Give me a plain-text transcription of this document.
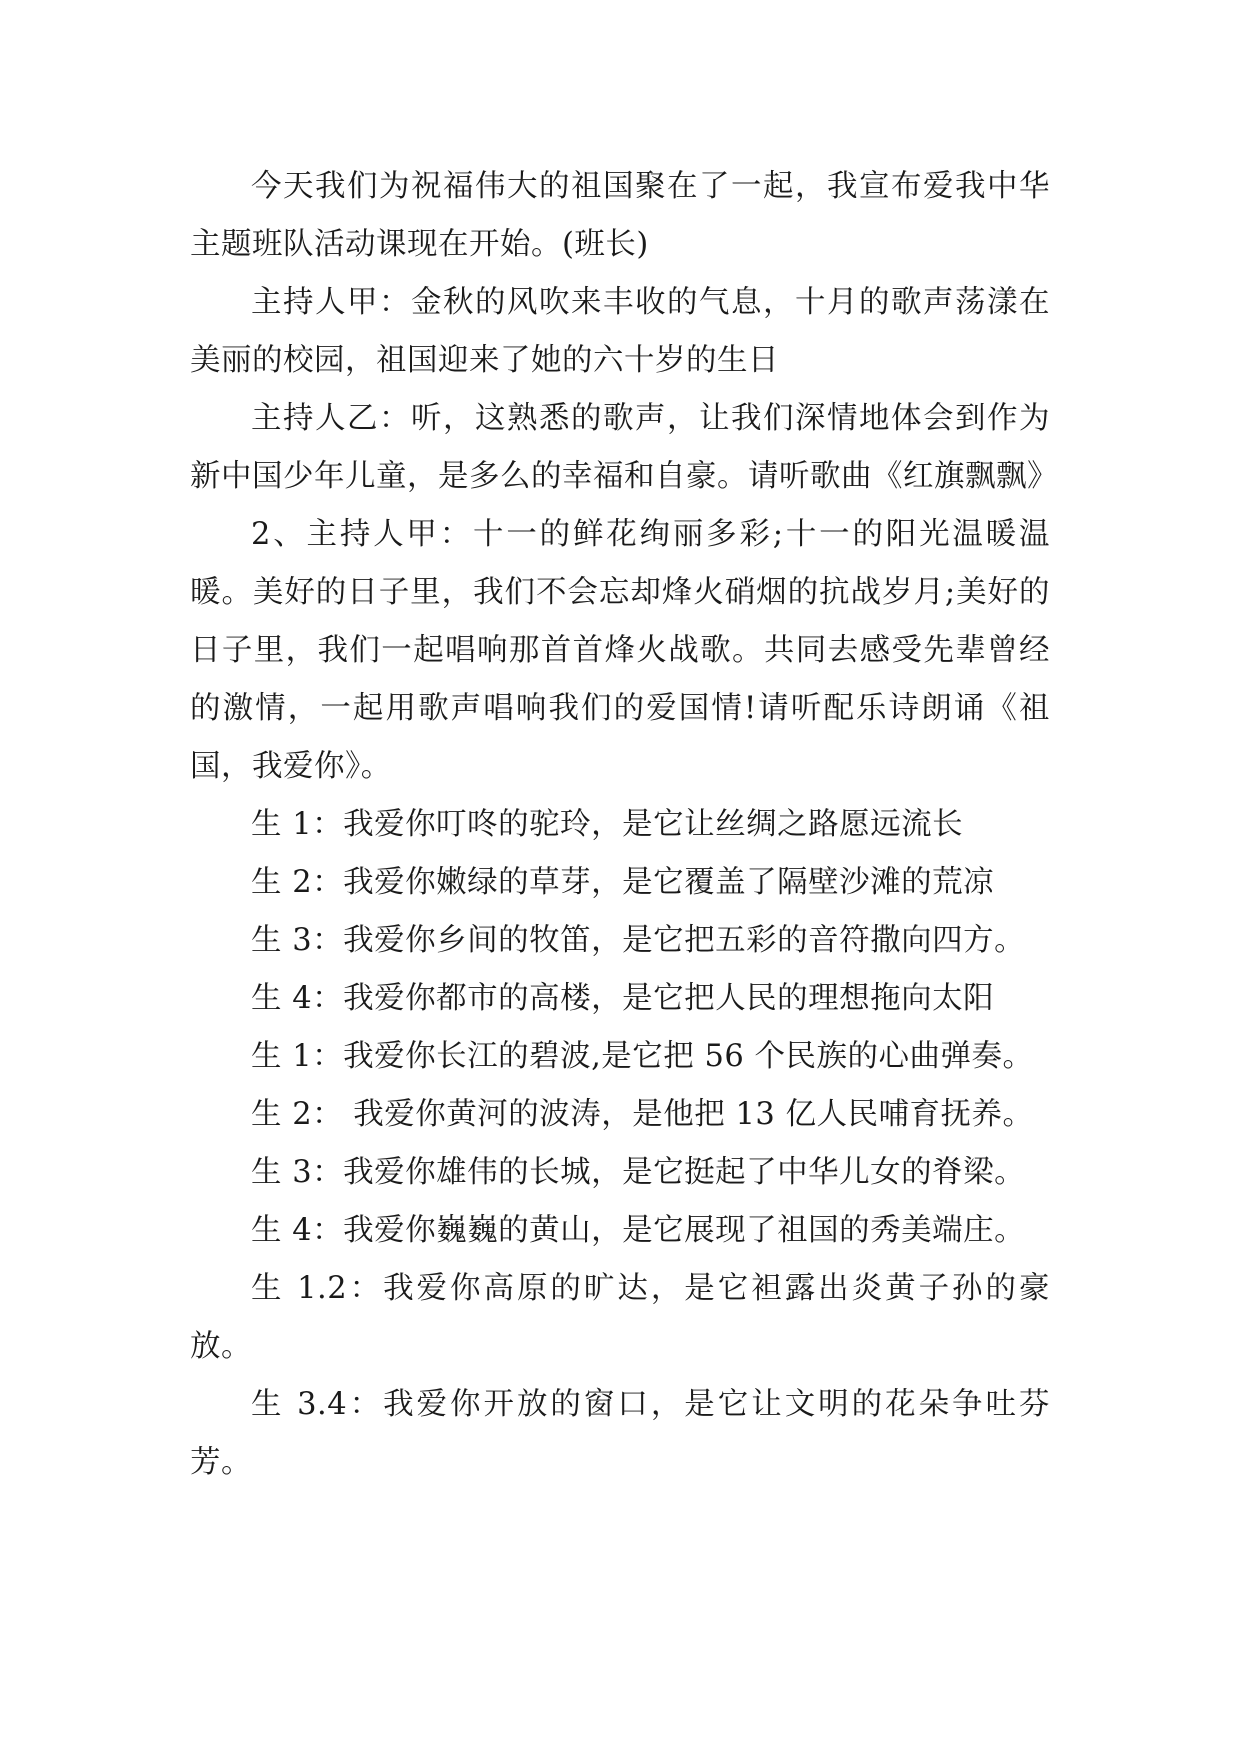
今天我们为祝福伟大的祖国聚在了一起，我宣布爱我中华主题班队活动课现在开始。(班长)

主持人甲：金秋的风吹来丰收的气息，十月的歌声荡漾在美丽的校园，祖国迎来了她的六十岁的生日

主持人乙：听，这熟悉的歌声，让我们深情地体会到作为新中国少年儿童，是多么的幸福和自豪。请听歌曲《红旗飘飘》

2、主持人甲：十一的鲜花绚丽多彩;十一的阳光温暖温暖。美好的日子里，我们不会忘却烽火硝烟的抗战岁月;美好的日子里，我们一起唱响那首首烽火战歌。共同去感受先辈曾经的激情，一起用歌声唱响我们的爱国情!请听配乐诗朗诵《祖国，我爱你》。

生 1：我爱你叮咚的驼玲，是它让丝绸之路愿远流长

生 2：我爱你嫩绿的草芽，是它覆盖了隔壁沙滩的荒凉

生 3：我爱你乡间的牧笛，是它把五彩的音符撒向四方。

生 4：我爱你都市的高楼，是它把人民的理想拖向太阳

生 1：我爱你长江的碧波,是它把 56 个民族的心曲弹奏。

生 2： 我爱你黄河的波涛，是他把 13 亿人民哺育抚养。

生 3：我爱你雄伟的长城，是它挺起了中华儿女的脊梁。

生 4：我爱你巍巍的黄山，是它展现了祖国的秀美端庄。

生 1.2：我爱你高原的旷达，是它袒露出炎黄子孙的豪放。

生 3.4：我爱你开放的窗口，是它让文明的花朵争吐芬芳。
